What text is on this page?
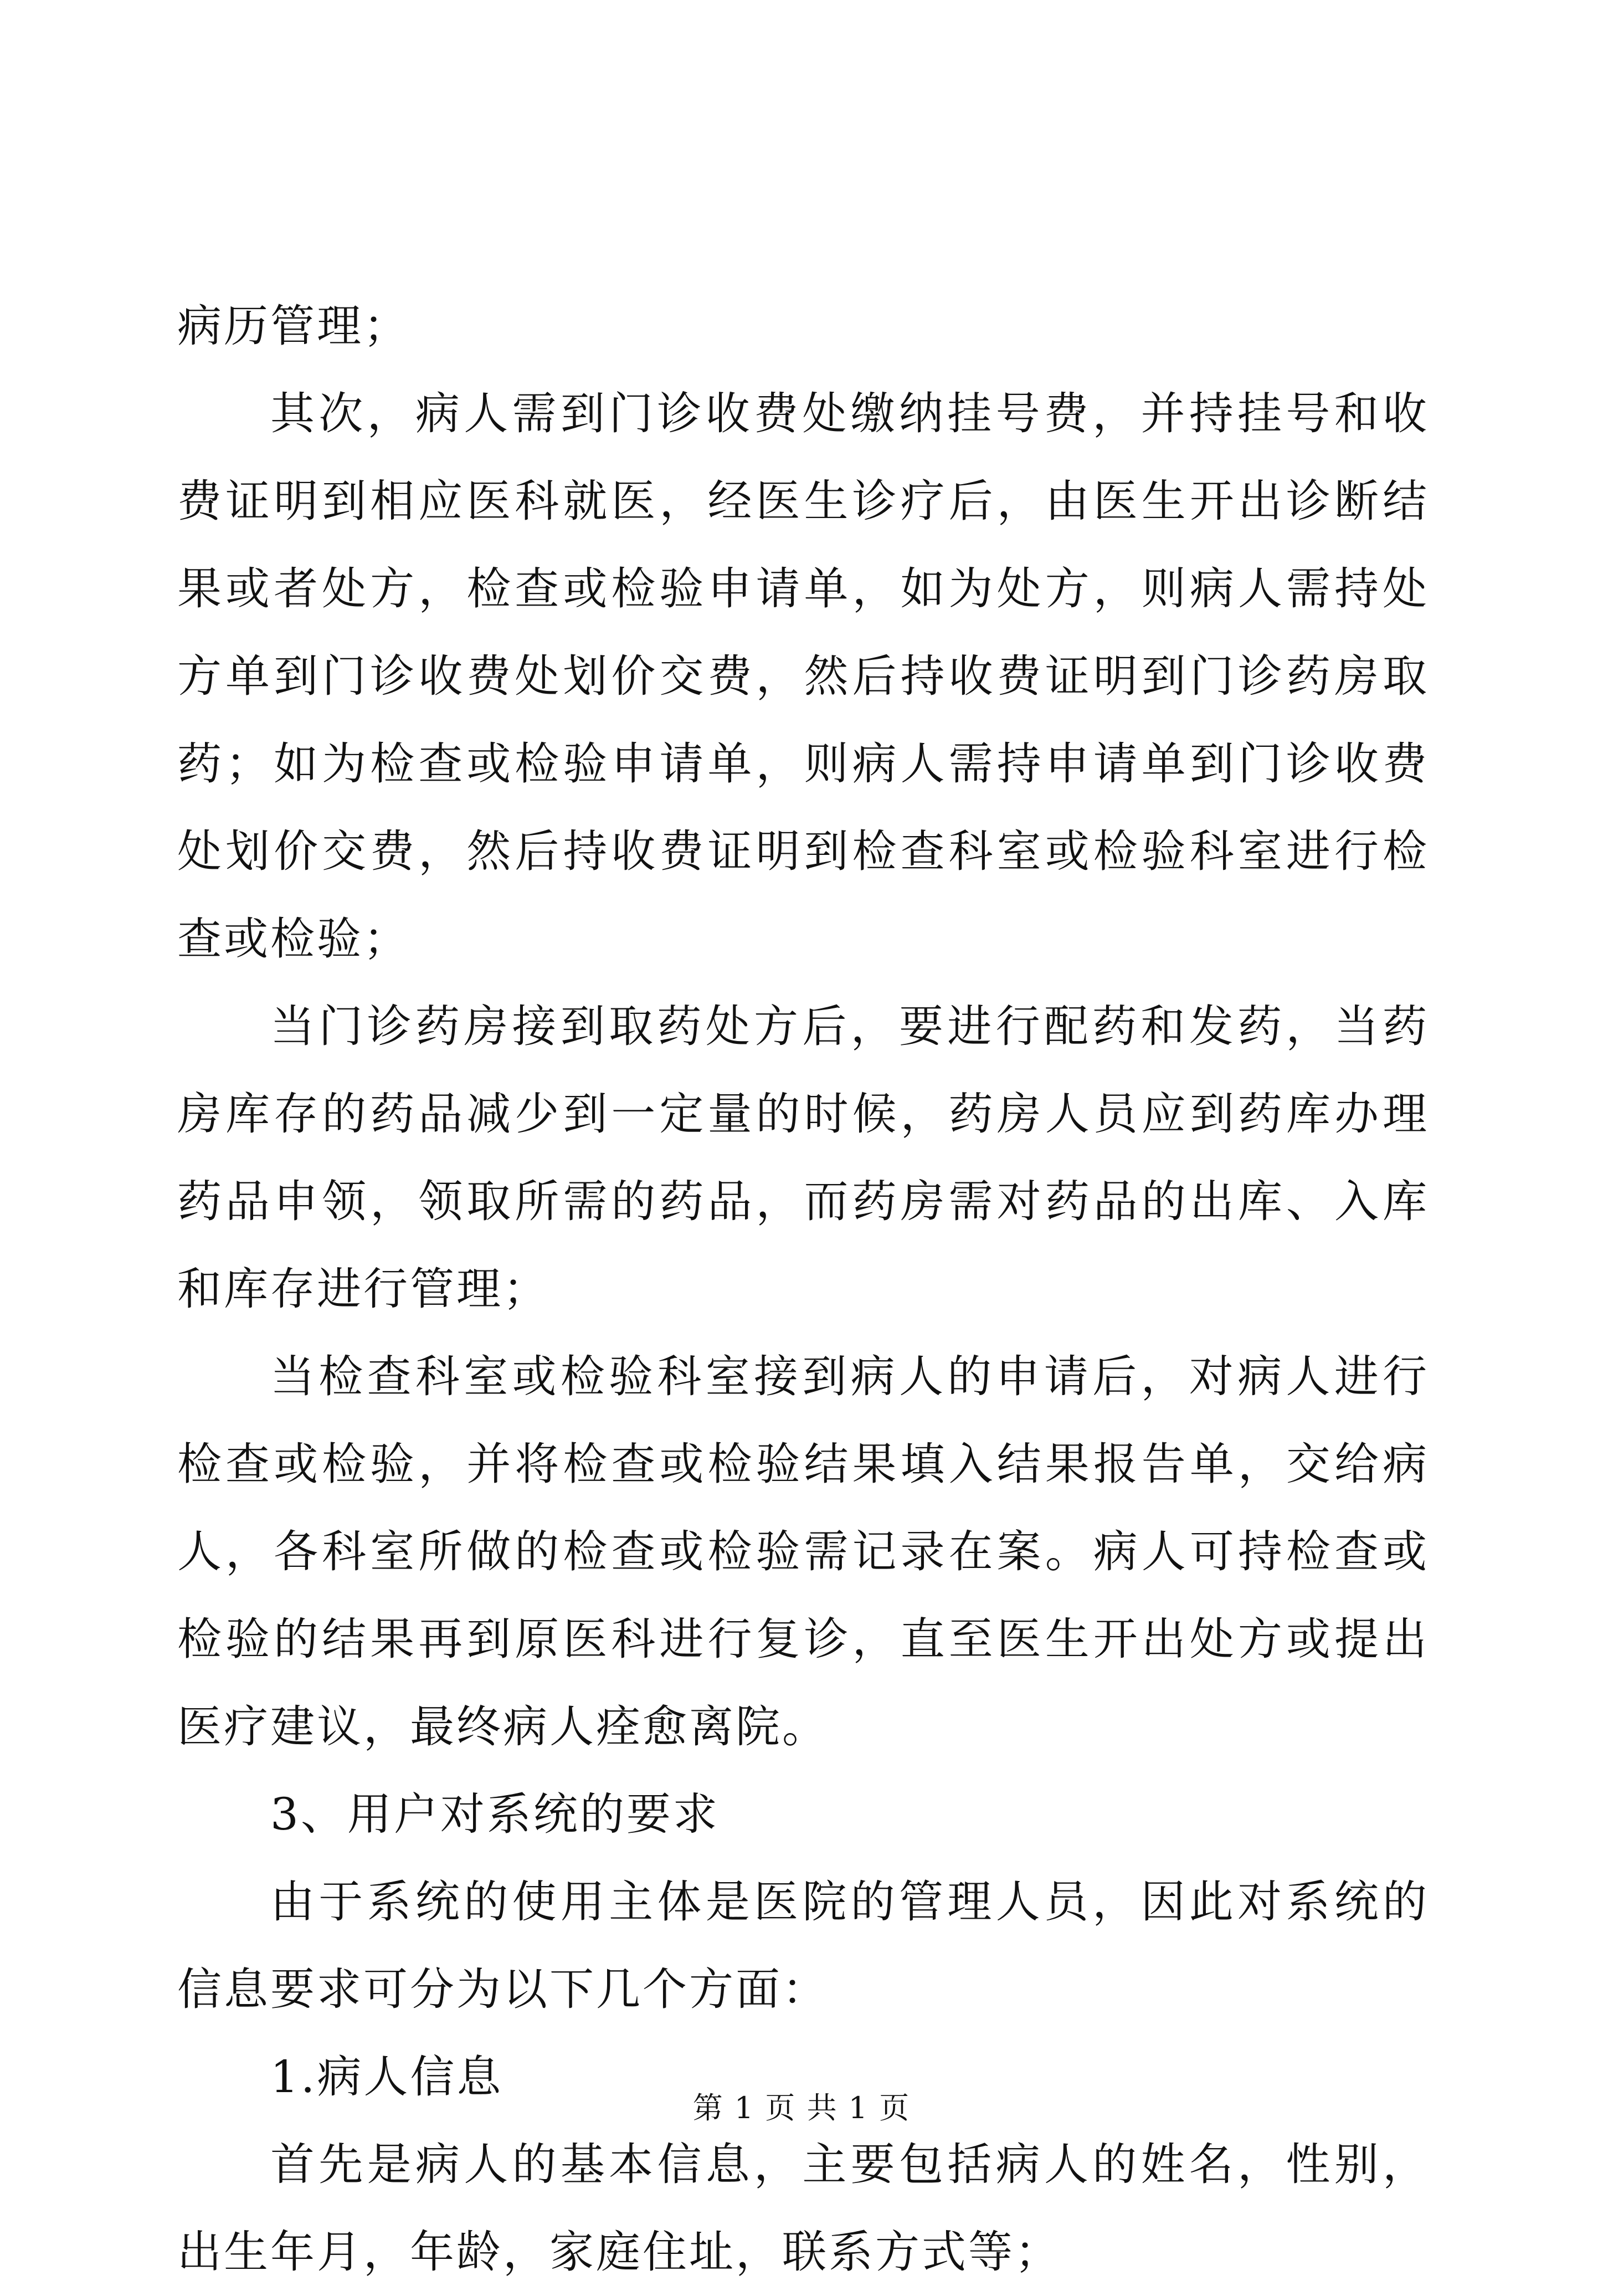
病历管理；

其次，病人需到门诊收费处缴纳挂号费，并持挂号和收费证明到相应医科就医，经医生诊疗后，由医生开出诊断结果或者处方，检查或检验申请单，如为处方，则病人需持处方单到门诊收费处划价交费，然后持收费证明到门诊药房取药；如为检查或检验申请单，则病人需持申请单到门诊收费处划价交费，然后持收费证明到检查科室或检验科室进行检查或检验；

当门诊药房接到取药处方后，要进行配药和发药，当药房库存的药品减少到一定量的时候，药房人员应到药库办理药品申领，领取所需的药品，而药房需对药品的出库、入库和库存进行管理；

当检查科室或检验科室接到病人的申请后，对病人进行检查或检验，并将检查或检验结果填入结果报告单，交给病人，各科室所做的检查或检验需记录在案。病人可持检查或检验的结果再到原医科进行复诊，直至医生开出处方或提出医疗建议，最终病人痊愈离院。

3、用户对系统的要求

由于系统的使用主体是医院的管理人员，因此对系统的信息要求可分为以下几个方面：

1.病人信息

首先是病人的基本信息，主要包括病人的姓名，性别，出生年月，年龄，家庭住址，联系方式等；

第 1 页 共 1 页
